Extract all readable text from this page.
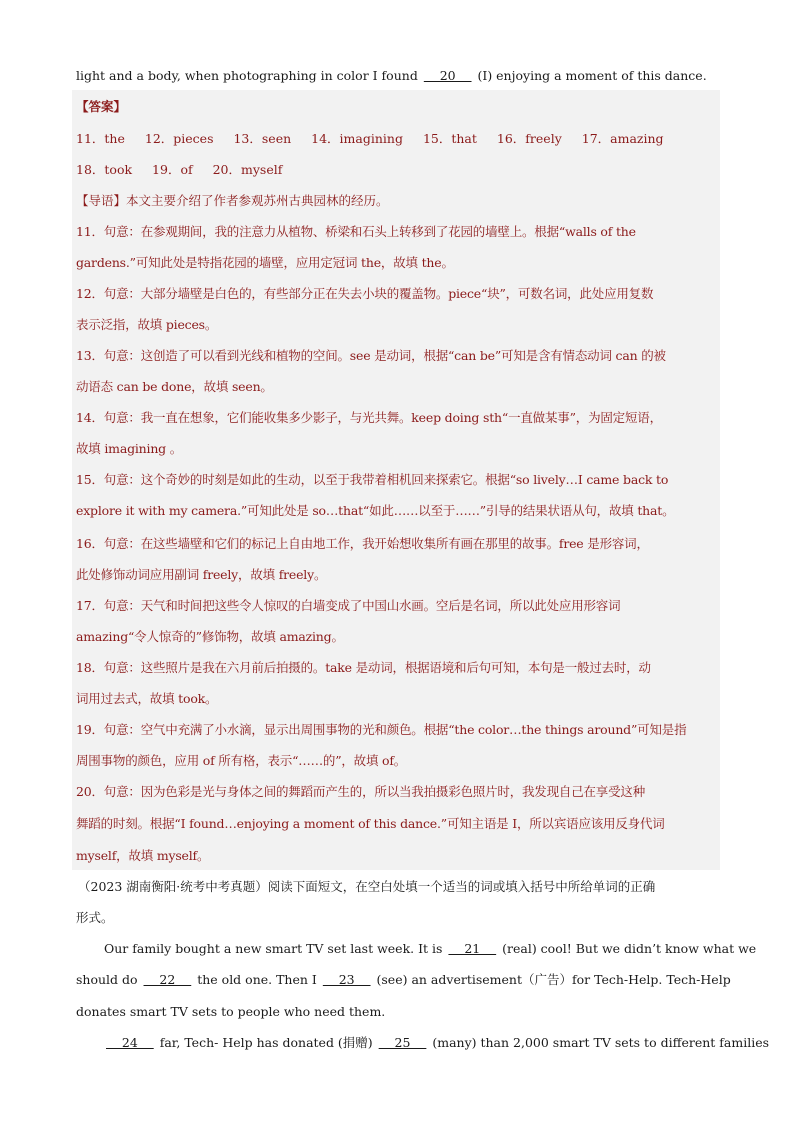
light and a body, when photographing in color I found     20     (I) enjoying a moment of this dance.
【答案】
11．the 12．pieces 13．seen 14．imagining 15．that 16．freely 17．amazing
18．took 19．of 20．myself
【导语】本文主要介绍了作者参观苏州古典园林的经历。
11．句意：在参观期间，我的注意力从植物、桥梁和石头上转移到了花园的墙壁上。根据“walls of the
gardens.”可知此处是特指花园的墙壁，应用定冠词 the，故填 the。
12．句意：大部分墙壁是白色的，有些部分正在失去小块的覆盖物。piece“块”，可数名词，此处应用复数
表示泛指，故填 pieces。
13．句意：这创造了可以看到光线和植物的空间。see 是动词，根据“can be”可知是含有情态动词 can 的被
动语态 can be done，故填 seen。
14．句意：我一直在想象，它们能收集多少影子，与光共舞。keep doing sth“一直做某事”，为固定短语，
故填 imagining 。
15．句意：这个奇妙的时刻是如此的生动，以至于我带着相机回来探索它。根据“so lively…I came back to
explore it with my camera.”可知此处是 so…that“如此……以至于……”引导的结果状语从句，故填 that。
16．句意：在这些墙壁和它们的标记上自由地工作，我开始想收集所有画在那里的故事。free 是形容词，
此处修饰动词应用副词 freely，故填 freely。
17．句意：天气和时间把这些令人惊叹的白墙变成了中国山水画。空后是名词，所以此处应用形容词
amazing“令人惊奇的”修饰物，故填 amazing。
18．句意：这些照片是我在六月前后拍摄的。take 是动词，根据语境和后句可知，本句是一般过去时，动
词用过去式，故填 took。
19．句意：空气中充满了小水滴，显示出周围事物的光和颜色。根据“the color…the things around”可知是指
周围事物的颜色，应用 of 所有格，表示“……的”，故填 of。
20．句意：因为色彩是光与身体之间的舞蹈而产生的，所以当我拍摄彩色照片时，我发现自己在享受这种
舞蹈的时刻。根据“I found…enjoying a moment of this dance.”可知主语是 I，所以宾语应该用反身代词
myself，故填 myself。
（2023 湖南衡阳·统考中考真题）阅读下面短文，在空白处填一个适当的词或填入括号中所给单词的正确
形式。
Our family bought a new smart TV set last week. It is     21     (real) cool! But we didn’t know what we
should do     22     the old one. Then I     23     (see) an advertisement（广告）for Tech-Help. Tech-Help
donates smart TV sets to people who need them.
24     far, Tech- Help has donated (捐赠)     25     (many) than 2,000 smart TV sets to different families
